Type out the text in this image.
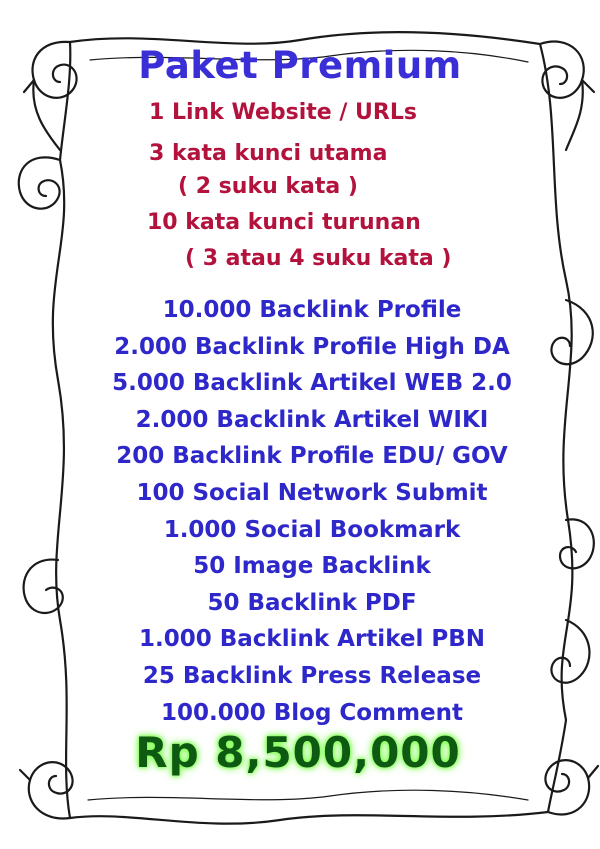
Paket Premium
1 Link Website / URLs
3 kata kunci utama
( 2 suku kata )
10 kata kunci turunan
( 3 atau 4 suku kata )
10.000 Backlink Profile
2.000 Backlink Profile High DA
5.000 Backlink Artikel WEB 2.0
2.000 Backlink Artikel WIKI
200 Backlink Profile EDU/ GOV
100 Social Network Submit
1.000 Social Bookmark
50 Image Backlink
50 Backlink PDF
1.000 Backlink Artikel PBN
25 Backlink Press Release
100.000 Blog Comment
Rp 8,500,000
